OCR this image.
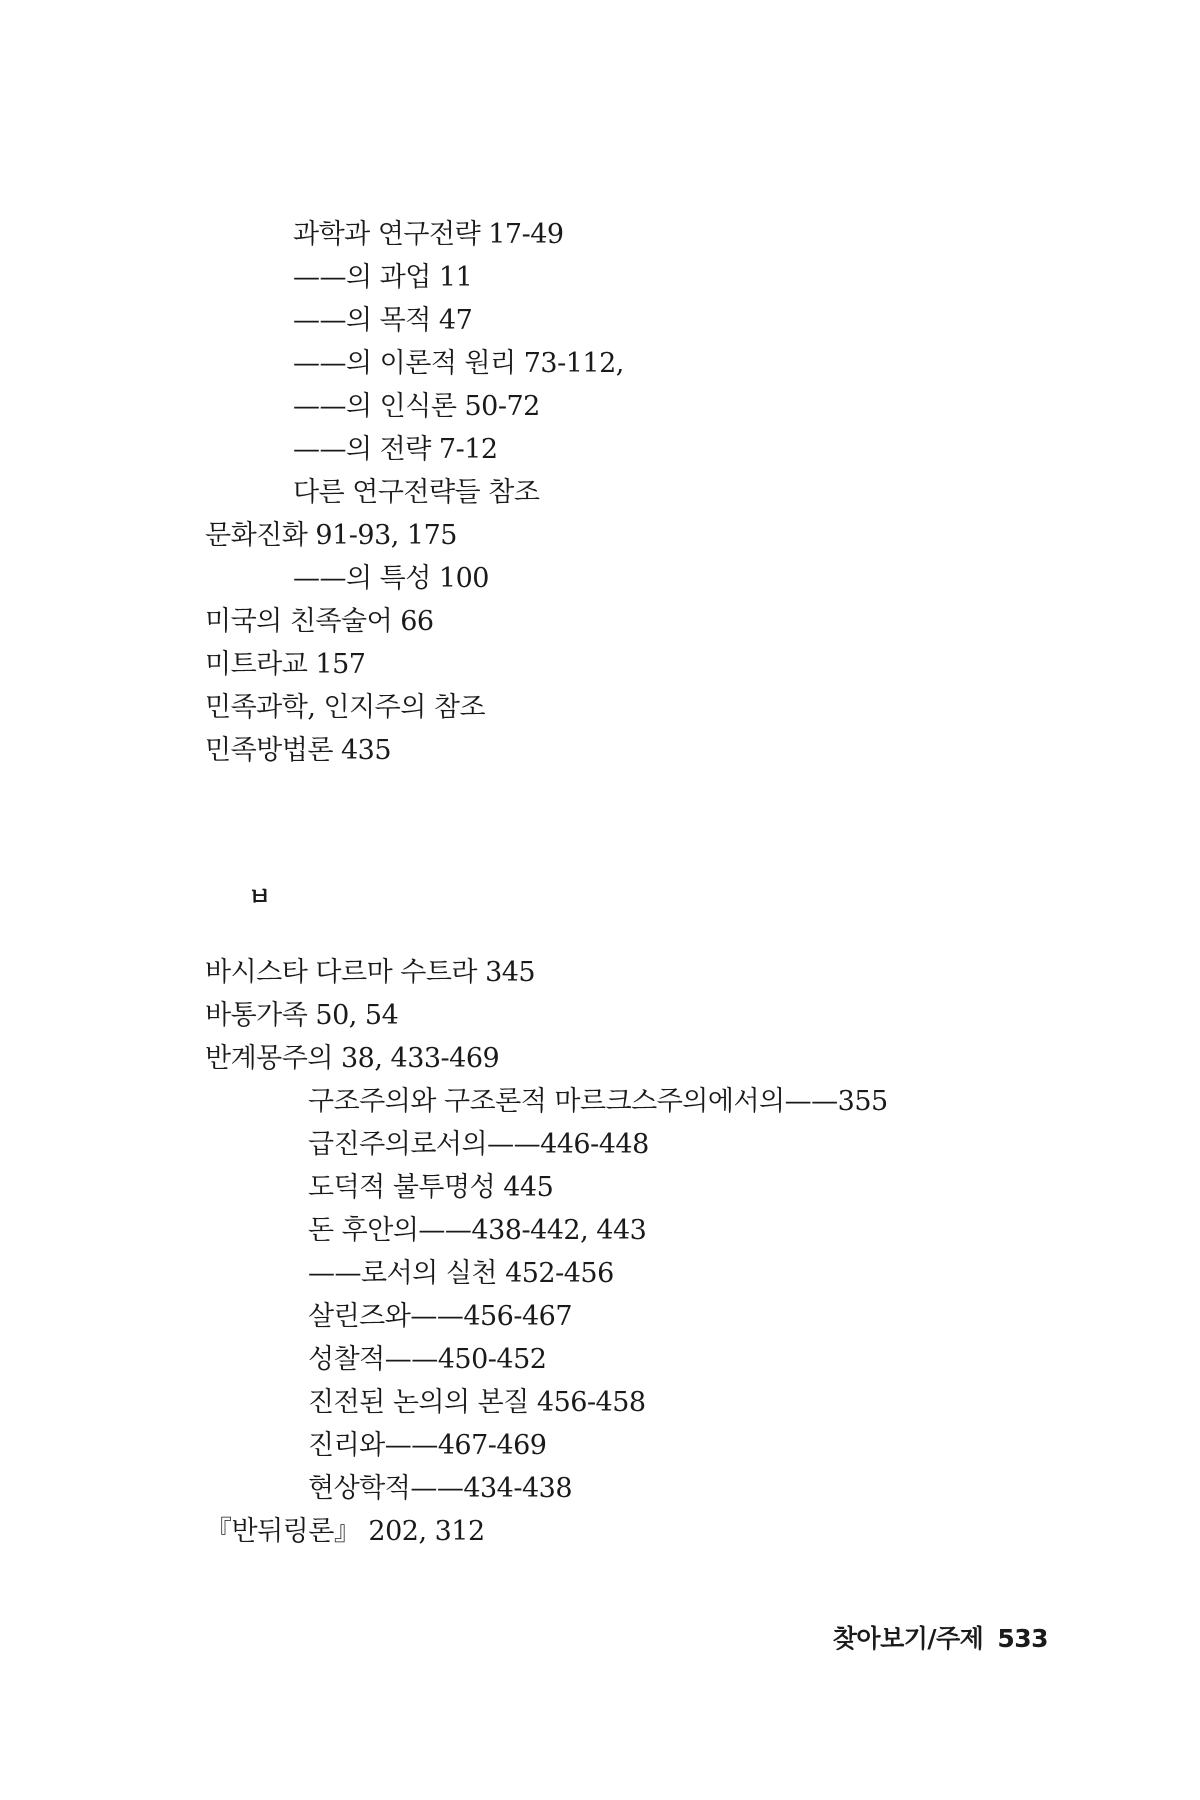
과학과 연구전략 17-49
——의 과업 11
——의 목적 47
——의 이론적 원리 73-112,
——의 인식론 50-72
——의 전략 7-12
다른 연구전략들 참조
문화진화 91-93, 175
——의 특성 100
미국의 친족술어 66
미트라교 157
민족과학, 인지주의 참조
민족방법론 435
ㅂ
바시스타 다르마 수트라 345
바통가족 50, 54
반계몽주의 38, 433-469
구조주의와 구조론적 마르크스주의에서의——355
급진주의로서의——446-448
도덕적 불투명성 445
돈 후안의——438-442, 443
——로서의 실천 452-456
살린즈와——456-467
성찰적——450-452
진전된 논의의 본질 456-458
진리와——467-469
현상학적——434-438
『반뒤링론』 202, 312
찾아보기/주제 533
